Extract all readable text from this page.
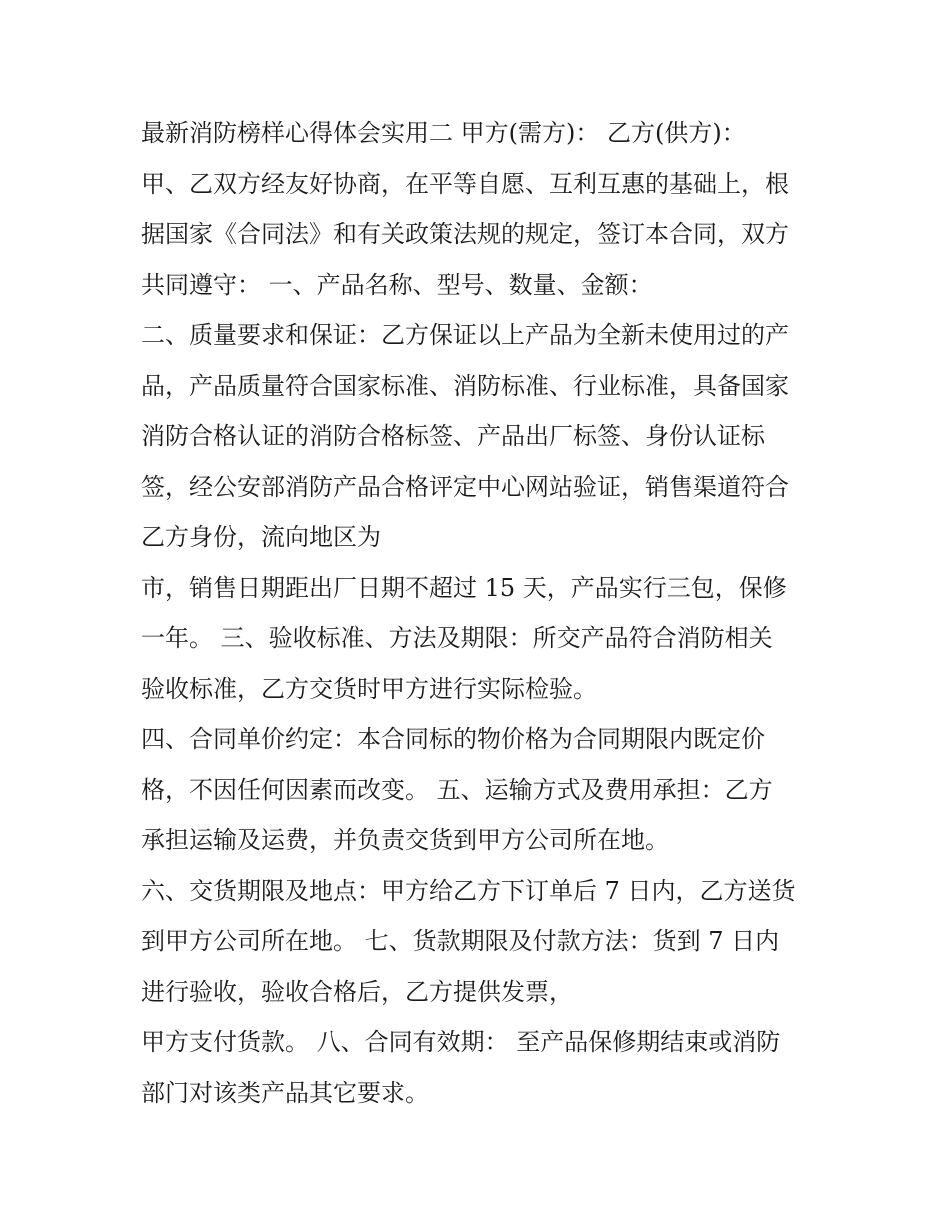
最新消防榜样心得体会实用二 甲方(需方)： 乙方(供方)：
甲、乙双方经友好协商，在平等自愿、互利互惠的基础上，根
据国家《合同法》和有关政策法规的规定，签订本合同，双方
共同遵守： 一、产品名称、型号、数量、金额：
二、质量要求和保证：乙方保证以上产品为全新未使用过的产
品，产品质量符合国家标准、消防标准、行业标准，具备国家
消防合格认证的消防合格标签、产品出厂标签、身份认证标
签，经公安部消防产品合格评定中心网站验证，销售渠道符合
乙方身份，流向地区为
市，销售日期距出厂日期不超过 15 天，产品实行三包，保修
一年。 三、验收标准、方法及期限：所交产品符合消防相关
验收标准，乙方交货时甲方进行实际检验。
四、合同单价约定：本合同标的物价格为合同期限内既定价
格，不因任何因素而改变。 五、运输方式及费用承担：乙方
承担运输及运费，并负责交货到甲方公司所在地。
六、交货期限及地点：甲方给乙方下订单后 7 日内，乙方送货
到甲方公司所在地。 七、货款期限及付款方法：货到 7 日内
进行验收，验收合格后，乙方提供发票，
甲方支付货款。 八、合同有效期： 至产品保修期结束或消防
部门对该类产品其它要求。
